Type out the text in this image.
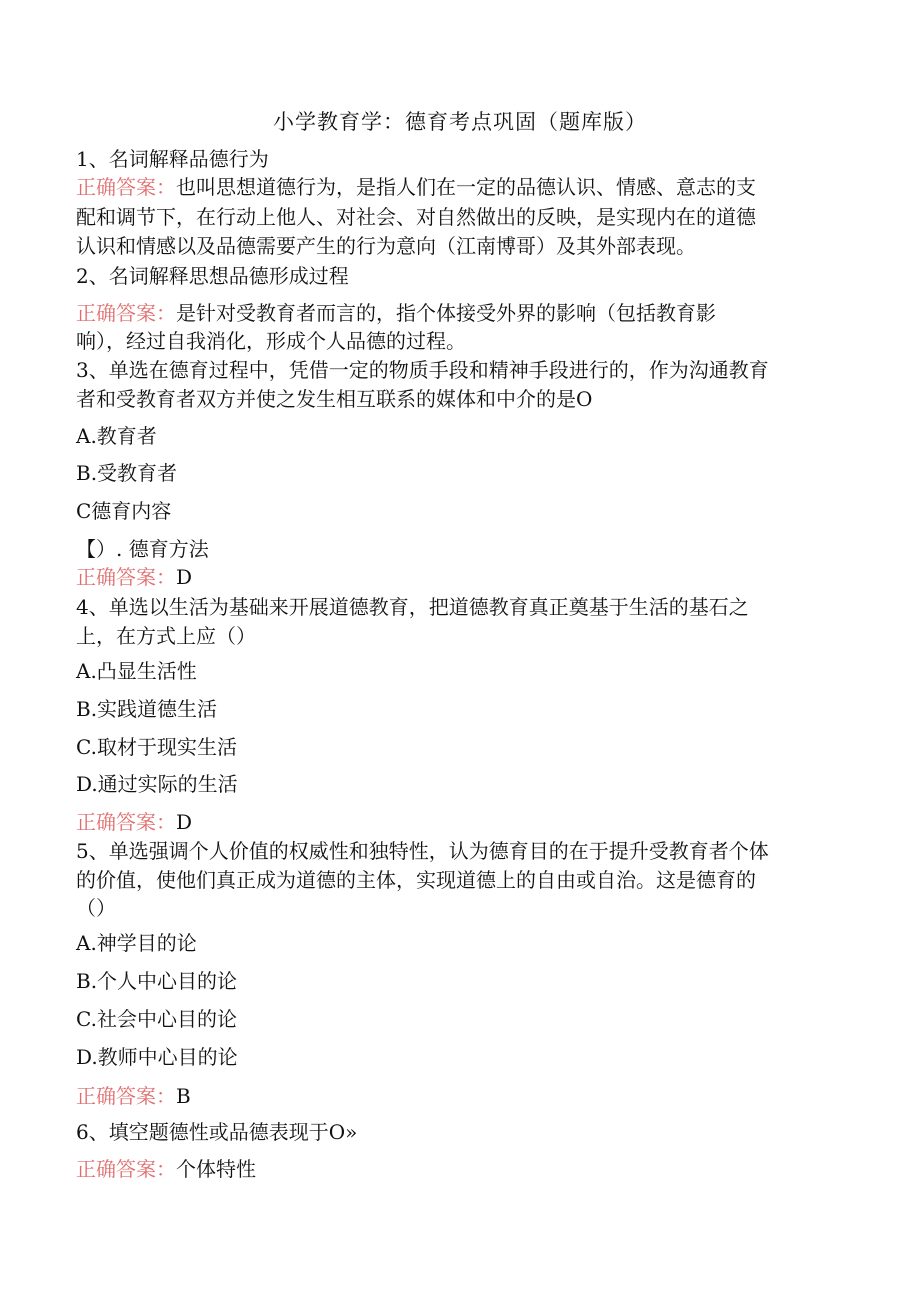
小学教育学：德育考点巩固（题库版）
1、名词解释品德行为
正确答案：也叫思想道德行为，是指人们在一定的品德认识、情感、意志的支
配和调节下，在行动上他人、对社会、对自然做出的反映，是实现内在的道德
认识和情感以及品德需要产生的行为意向（江南博哥）及其外部表现。
2、名词解释思想品德形成过程
正确答案：是针对受教育者而言的，指个体接受外界的影响（包括教育影
响），经过自我消化，形成个人品德的过程。
3、单选在德育过程中，凭借一定的物质手段和精神手段进行的，作为沟通教育
者和受教育者双方并使之发生相互联系的媒体和中介的是O
A.教育者
B.受教育者
C德育内容
【）. 德育方法
正确答案：D
4、单选以生活为基础来开展道德教育，把道德教育真正奠基于生活的基石之
上，在方式上应（）
A.凸显生活性
B.实践道德生活
C.取材于现实生活
D.通过实际的生活
正确答案：D
5、单选强调个人价值的权威性和独特性，认为德育目的在于提升受教育者个体
的价值，使他们真正成为道德的主体，实现道德上的自由或自治。这是德育的
（）
A.神学目的论
B.个人中心目的论
C.社会中心目的论
D.教师中心目的论
正确答案：B
6、填空题德性或品德表现于O»
正确答案：个体特性
